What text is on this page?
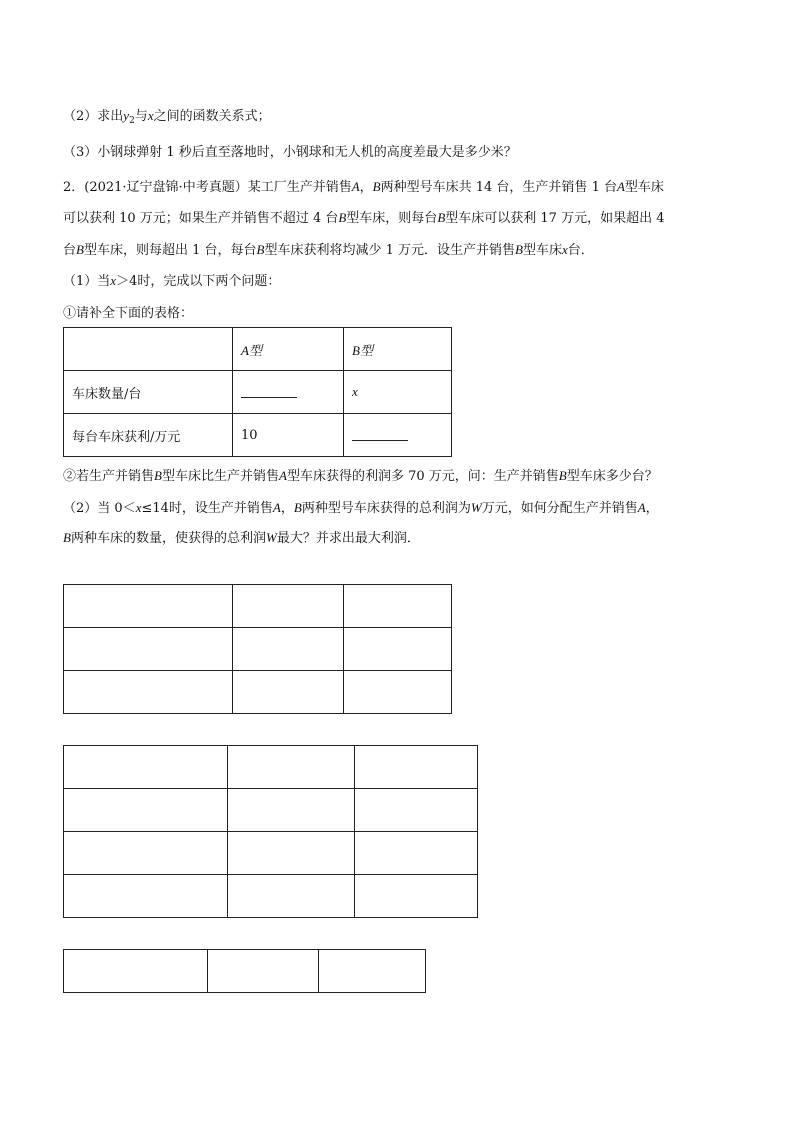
（2）求出$y_2$与x之间的函数关系式；
（3）小钢球弹射 1 秒后直至落地时，小钢球和无人机的高度差最大是多少米？
2．(2021·辽宁盘锦·中考真题）某工厂生产并销售A，B两种型号车床共 14 台，生产并销售 1 台A型车床
可以获利 10 万元；如果生产并销售不超过 4 台B型车床，则每台B型车床可以获利 17 万元，如果超出 4
台B型车床，则每超出 1 台，每台B型车床获利将均减少 1 万元．设生产并销售B型车床x台．
（1）当x＞4时，完成以下两个问题：
①请补全下面的表格：
	A型	B型
车床数量/台		x
每台车床获利/万元	10	
②若生产并销售B型车床比生产并销售A型车床获得的利润多 70 万元，问：生产并销售B型车床多少台？
（2）当 0＜x≤14时，设生产并销售A，B两种型号车床获得的总利润为W万元，如何分配生产并销售A，
B两种车床的数量，使获得的总利润W最大？并求出最大利润．
